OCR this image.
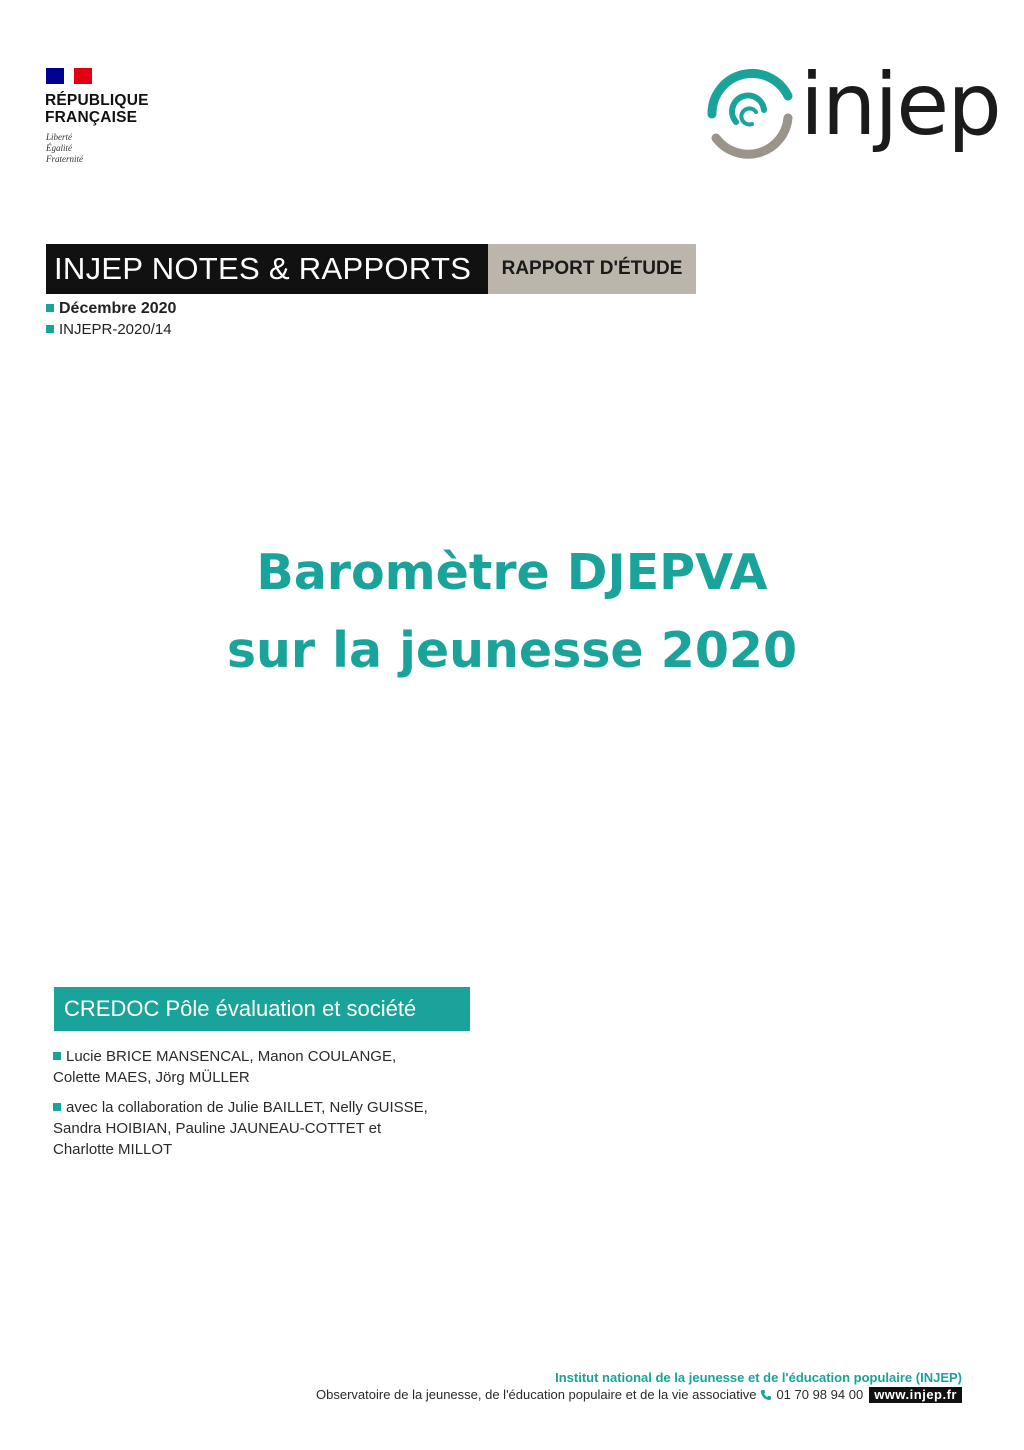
RÉPUBLIQUE
FRANÇAISE
Liberté
Égalité
Fraternité
injep
INJEP NOTES & RAPPORTS	RAPPORT D'ÉTUDE
Décembre 2020
INJEPR-2020/14
Baromètre DJEPVA
sur la jeunesse 2020
CREDOC Pôle évaluation et société
Lucie BRICE MANSENCAL, Manon COULANGE,
Colette MAES, Jörg MÜLLER
avec la collaboration de Julie BAILLET, Nelly GUISSE,
Sandra HOIBIAN, Pauline JAUNEAU-COTTET et
Charlotte MILLOT
Institut national de la jeunesse et de l'éducation populaire (INJEP)
Observatoire de la jeunesse, de l'éducation populaire et de la vie associative 01 70 98 94 00 www.injep.fr
